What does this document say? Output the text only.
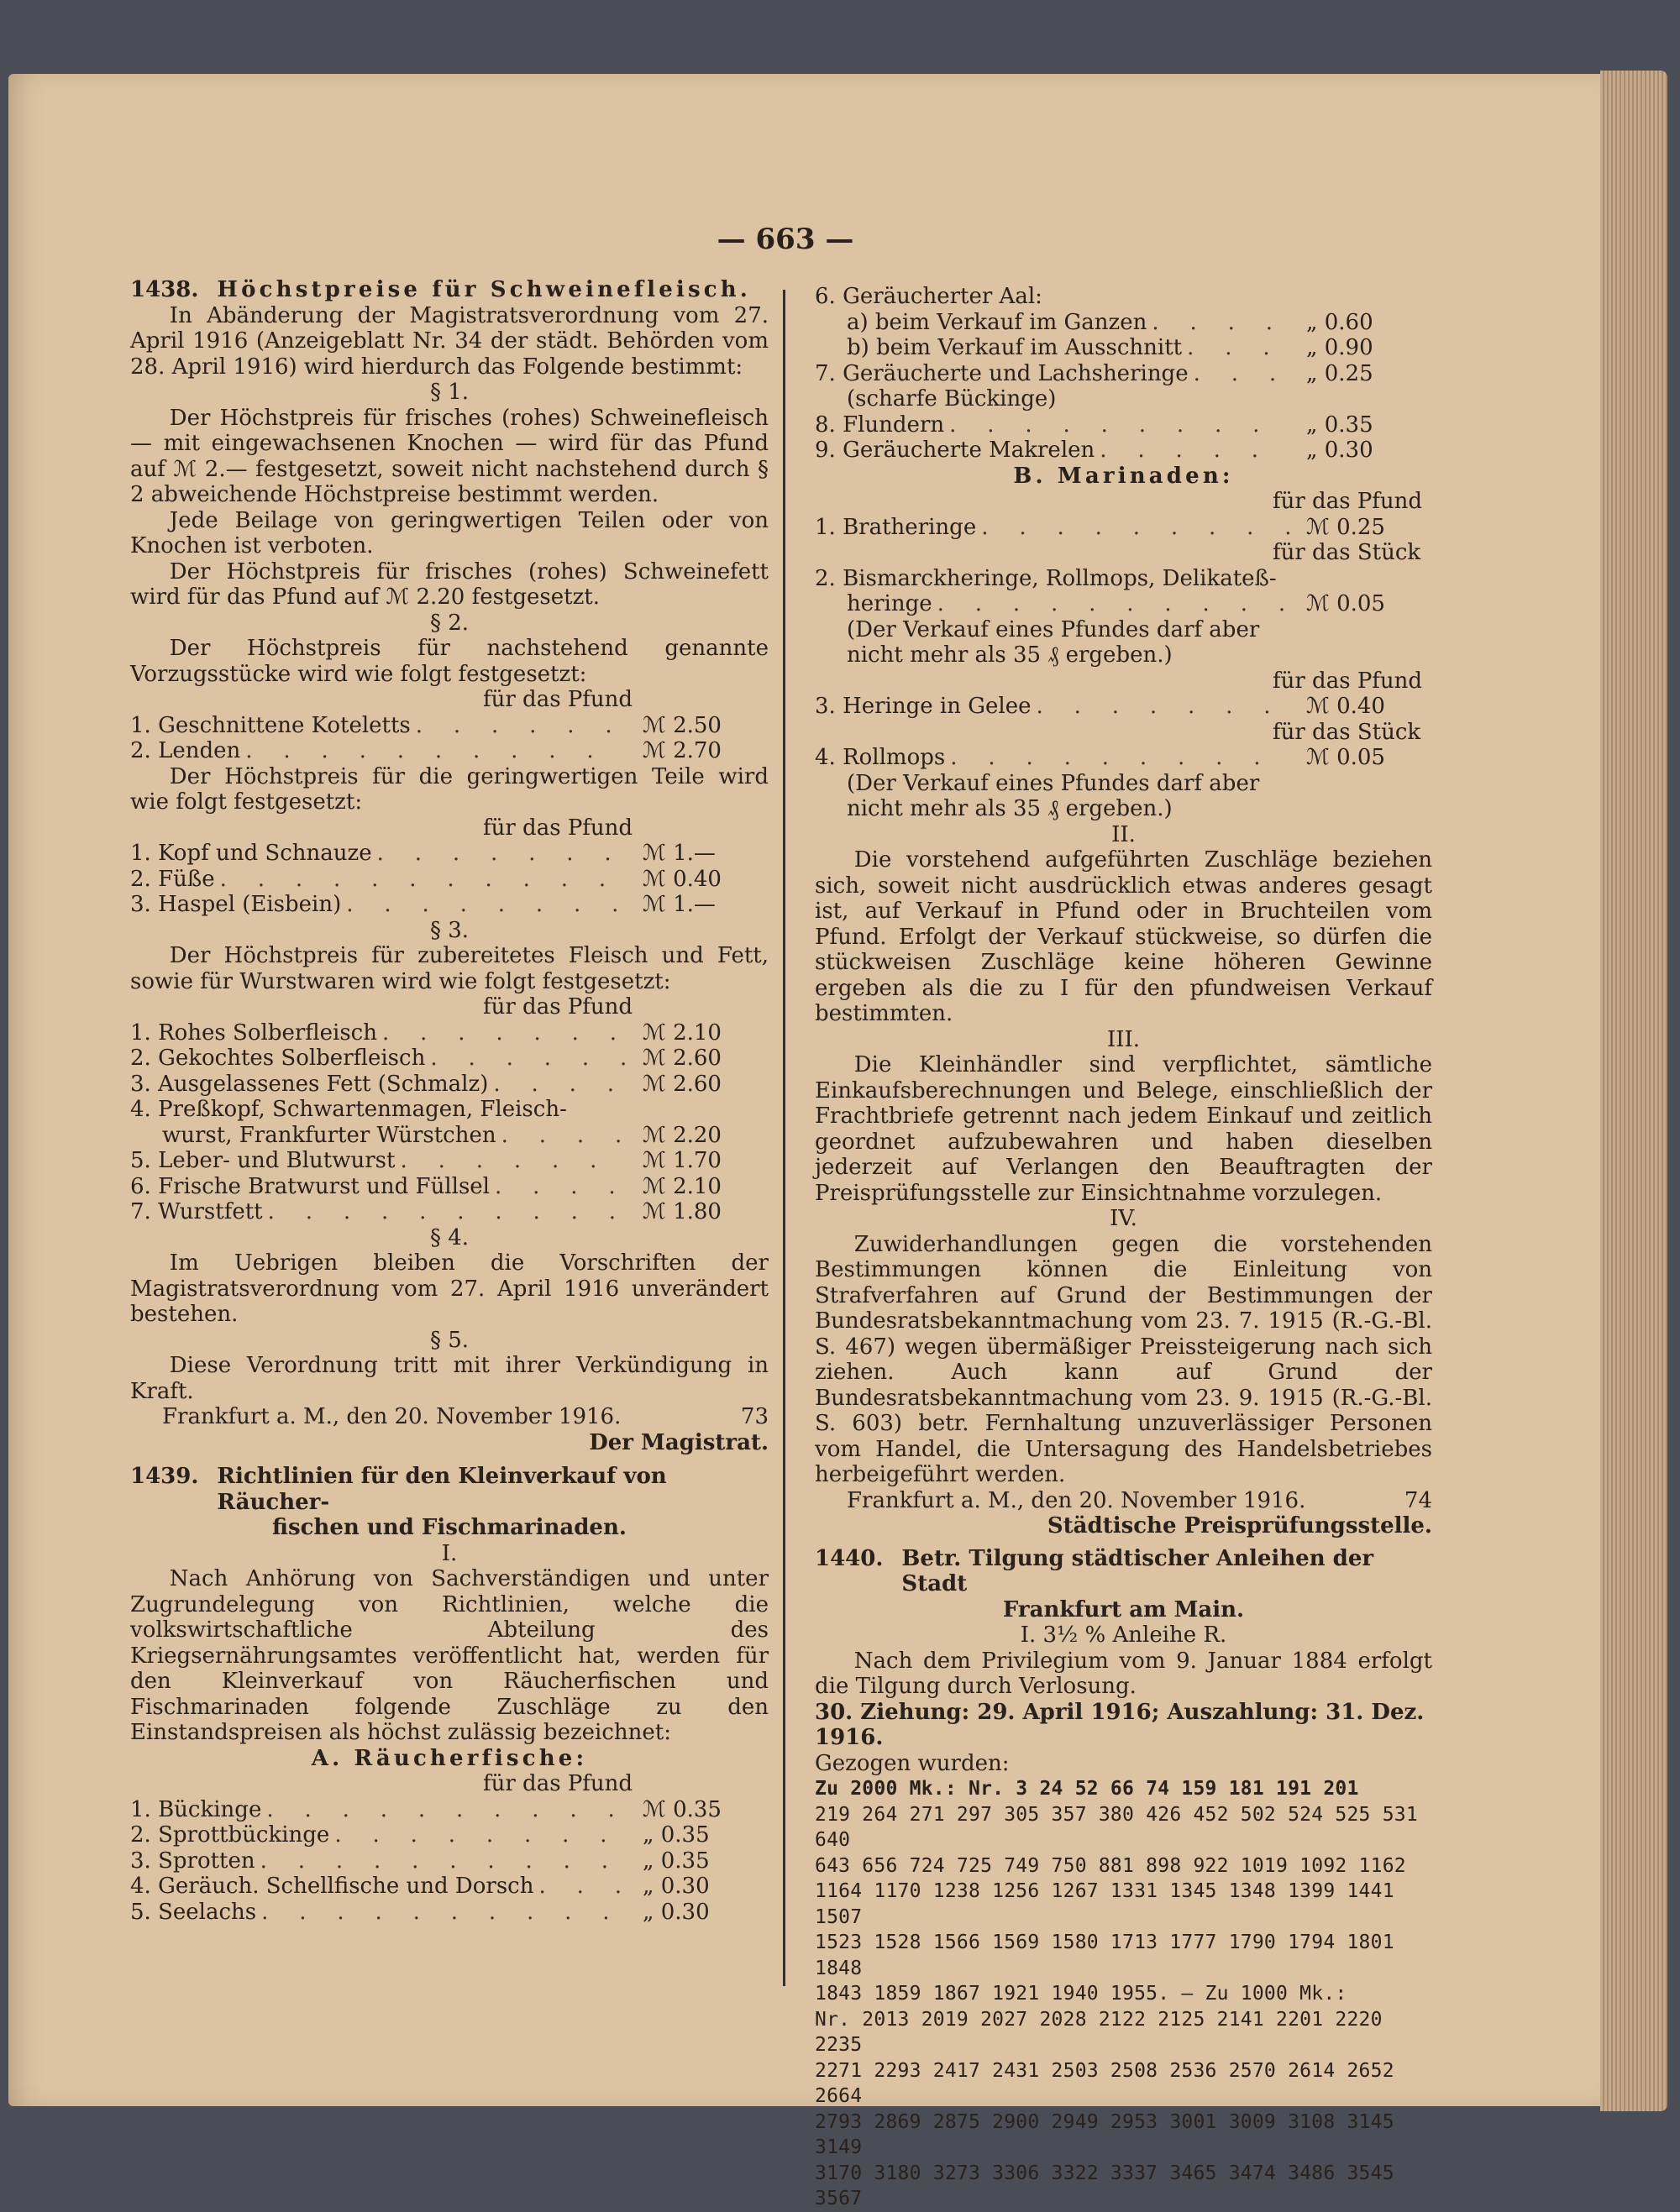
— 663 —
1438. Höchstpreise für Schweinefleisch.

In Abänderung der Magistratsverordnung vom 27. April 1916 (Anzeigeblatt Nr. 34 der städt. Behörden vom 28. April 1916) wird hierdurch das Folgende bestimmt:

§ 1.

Der Höchstpreis für frisches (rohes) Schweinefleisch — mit eingewachsenen Knochen — wird für das Pfund auf ℳ 2.— festgesetzt, soweit nicht nachstehend durch § 2 abweichende Höchstpreise bestimmt werden.

Jede Beilage von geringwertigen Teilen oder von Knochen ist verboten.

Der Höchstpreis für frisches (rohes) Schweinefett wird für das Pfund auf ℳ 2.20 festgesetzt.

§ 2.

Der Höchstpreis für nachstehend genannte Vorzugsstücke wird wie folgt festgesetzt:

für das Pfund
1. Geschnittene Koteletts . . .	ℳ 2.50
2. Lenden . . .	ℳ 2.70

Der Höchstpreis für die geringwertigen Teile wird wie folgt festgesetzt:

für das Pfund
1. Kopf und Schnauze . . .	ℳ 1.—
2. Füße . . .	ℳ 0.40
3. Haspel (Eisbein) . . .	ℳ 1.—
§ 3.

Der Höchstpreis für zubereitetes Fleisch und Fett, sowie für Wurstwaren wird wie folgt festgesetzt:

für das Pfund
1. Rohes Solberfleisch . . .	ℳ 2.10
2. Gekochtes Solberfleisch . . .	ℳ 2.60
3. Ausgelassenes Fett (Schmalz) . . .	ℳ 2.60
4. Preßkopf, Schwartenmagen, Fleisch-
wurst, Frankfurter Würstchen . . .	ℳ 2.20
5. Leber- und Blutwurst . . .	ℳ 1.70
6. Frische Bratwurst und Füllsel . . .	ℳ 2.10
7. Wurstfett . . .	ℳ 1.80
§ 4.

Im Uebrigen bleiben die Vorschriften der Magistratsverordnung vom 27. April 1916 unverändert bestehen.

§ 5.

Diese Verordnung tritt mit ihrer Verkündigung in Kraft.

Frankfurt a. M., den 20. November 1916.	73
Der Magistrat.
1439. Richtlinien für den Kleinverkauf von Räucher-
fischen und Fischmarinaden.
I.

Nach Anhörung von Sachverständigen und unter Zugrundelegung von Richtlinien, welche die volkswirtschaftliche Abteilung des Kriegsernährungsamtes veröffentlicht hat, werden für den Kleinverkauf von Räucherfischen und Fischmarinaden folgende Zuschläge zu den Einstandspreisen als höchst zulässig bezeichnet:

A. Räucherfische:
für das Pfund
1. Bückinge . . .	ℳ 0.35
2. Sprottbückinge . . .	„ 0.35
3. Sprotten . . .	„ 0.35
4. Geräuch. Schellfische und Dorsch . . .	„ 0.30
5. Seelachs . . .	„ 0.30
6. Geräucherter Aal:
a) beim Verkauf im Ganzen . . .	„ 0.60
b) beim Verkauf im Ausschnitt . . .	„ 0.90
7. Geräucherte und Lachsheringe . . .	„ 0.25
(scharfe Bückinge)
8. Flundern . . .	„ 0.35
9. Geräucherte Makrelen . . .	„ 0.30
B. Marinaden:
für das Pfund
1. Bratheringe . . .	ℳ 0.25
für das Stück
2. Bismarckheringe, Rollmops, Delikateß-
heringe . . .	ℳ 0.05
(Der Verkauf eines Pfundes darf aber nicht mehr als 35 ₰ ergeben.)
für das Pfund
3. Heringe in Gelee . . .	ℳ 0.40
für das Stück
4. Rollmops . . .	ℳ 0.05
(Der Verkauf eines Pfundes darf aber nicht mehr als 35 ₰ ergeben.)
II.

Die vorstehend aufgeführten Zuschläge beziehen sich, soweit nicht ausdrücklich etwas anderes gesagt ist, auf Verkauf in Pfund oder in Bruchteilen vom Pfund. Erfolgt der Verkauf stückweise, so dürfen die stückweisen Zuschläge keine höheren Gewinne ergeben als die zu I für den pfundweisen Verkauf bestimmten.

III.

Die Kleinhändler sind verpflichtet, sämtliche Einkaufsberechnungen und Belege, einschließlich der Frachtbriefe getrennt nach jedem Einkauf und zeitlich geordnet aufzubewahren und haben dieselben jederzeit auf Verlangen den Beauftragten der Preisprüfungsstelle zur Einsichtnahme vorzulegen.

IV.

Zuwiderhandlungen gegen die vorstehenden Bestimmungen können die Einleitung von Strafverfahren auf Grund der Bestimmungen der Bundesratsbekanntmachung vom 23. 7. 1915 (R.-G.-Bl. S. 467) wegen übermäßiger Preissteigerung nach sich ziehen. Auch kann auf Grund der Bundesratsbekanntmachung vom 23. 9. 1915 (R.-G.-Bl. S. 603) betr. Fernhaltung unzuverlässiger Personen vom Handel, die Untersagung des Handelsbetriebes herbeigeführt werden.

Frankfurt a. M., den 20. November 1916.	74
Städtische Preisprüfungsstelle.
1440. Betr. Tilgung städtischer Anleihen der Stadt
Frankfurt am Main.
I. 3½ % Anleihe R.

Nach dem Privilegium vom 9. Januar 1884 erfolgt die Tilgung durch Verlosung.

30. Ziehung: 29. April 1916; Auszahlung: 31. Dez. 1916.
Gezogen wurden:
Zu 2000 Mk.: Nr. 3 24 52 66 74 159 181 191 201
219 264 271 297 305 357 380 426 452 502 524 525 531 640
643 656 724 725 749 750 881 898 922 1019 1092 1162
1164 1170 1238 1256 1267 1331 1345 1348 1399 1441 1507
1523 1528 1566 1569 1580 1713 1777 1790 1794 1801 1848
1843 1859 1867 1921 1940 1955. — Zu 1000 Mk.:
Nr. 2013 2019 2027 2028 2122 2125 2141 2201 2220 2235
2271 2293 2417 2431 2503 2508 2536 2570 2614 2652 2664
2793 2869 2875 2900 2949 2953 3001 3009 3108 3145 3149
3170 3180 3273 3306 3322 3337 3465 3474 3486 3545 3567
